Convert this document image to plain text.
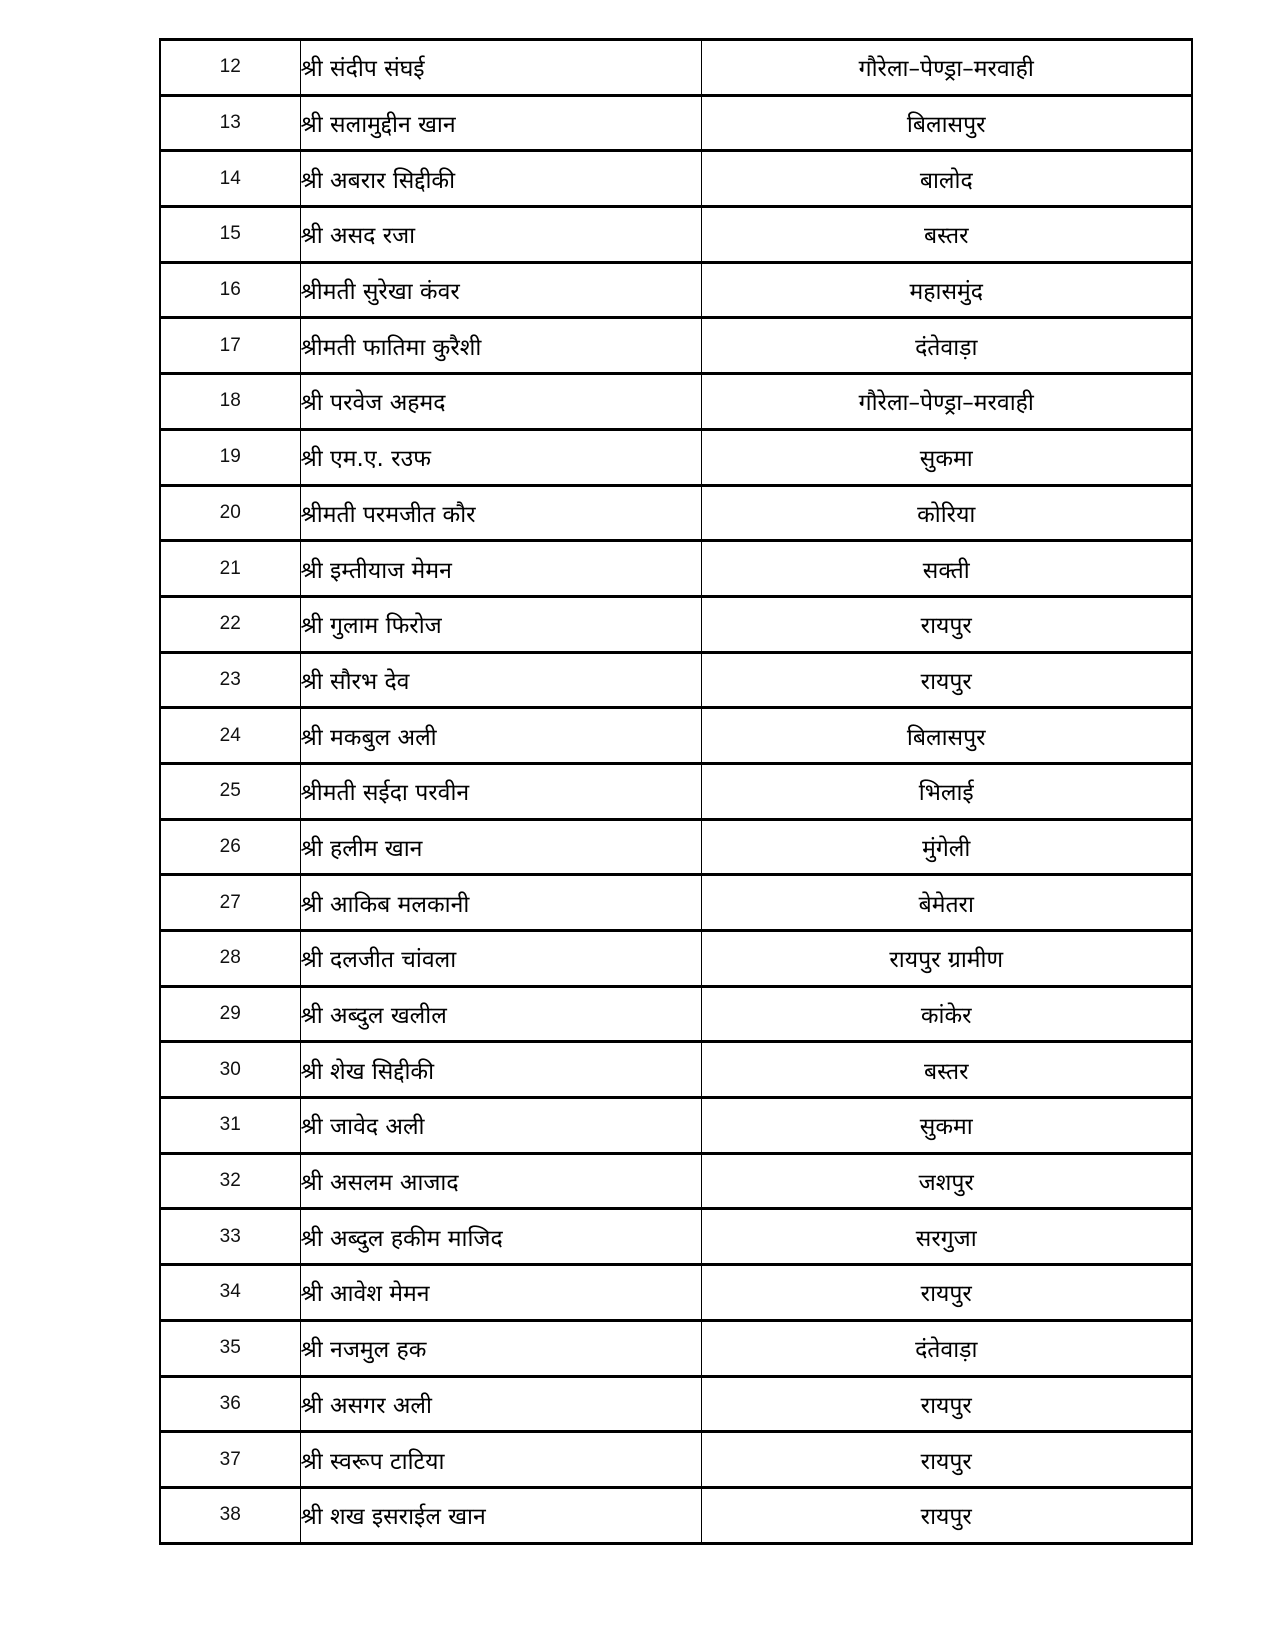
12	श्री संदीप संघई	गौरेला–पेण्ड्रा–मरवाही
13	श्री सलामुद्दीन खान	बिलासपुर
14	श्री अबरार सिद्दीकी	बालोद
15	श्री असद रजा	बस्तर
16	श्रीमती सुरेखा कंवर	महासमुंद
17	श्रीमती फातिमा कुरैशी	दंतेवाड़ा
18	श्री परवेज अहमद	गौरेला–पेण्ड्रा–मरवाही
19	श्री एम.ए. रउफ	सुकमा
20	श्रीमती परमजीत कौर	कोरिया
21	श्री इम्तीयाज मेमन	सक्ती
22	श्री गुलाम फिरोज	रायपुर
23	श्री सौरभ देव	रायपुर
24	श्री मकबुल अली	बिलासपुर
25	श्रीमती सईदा परवीन	भिलाई
26	श्री हलीम खान	मुंगेली
27	श्री आकिब मलकानी	बेमेतरा
28	श्री दलजीत चांवला	रायपुर ग्रामीण
29	श्री अब्दुल खलील	कांकेर
30	श्री शेख सिद्दीकी	बस्तर
31	श्री जावेद अली	सुकमा
32	श्री असलम आजाद	जशपुर
33	श्री अब्दुल हकीम माजिद	सरगुजा
34	श्री आवेश मेमन	रायपुर
35	श्री नजमुल हक	दंतेवाड़ा
36	श्री असगर अली	रायपुर
37	श्री स्वरूप टाटिया	रायपुर
38	श्री शख इसराईल खान	रायपुर
